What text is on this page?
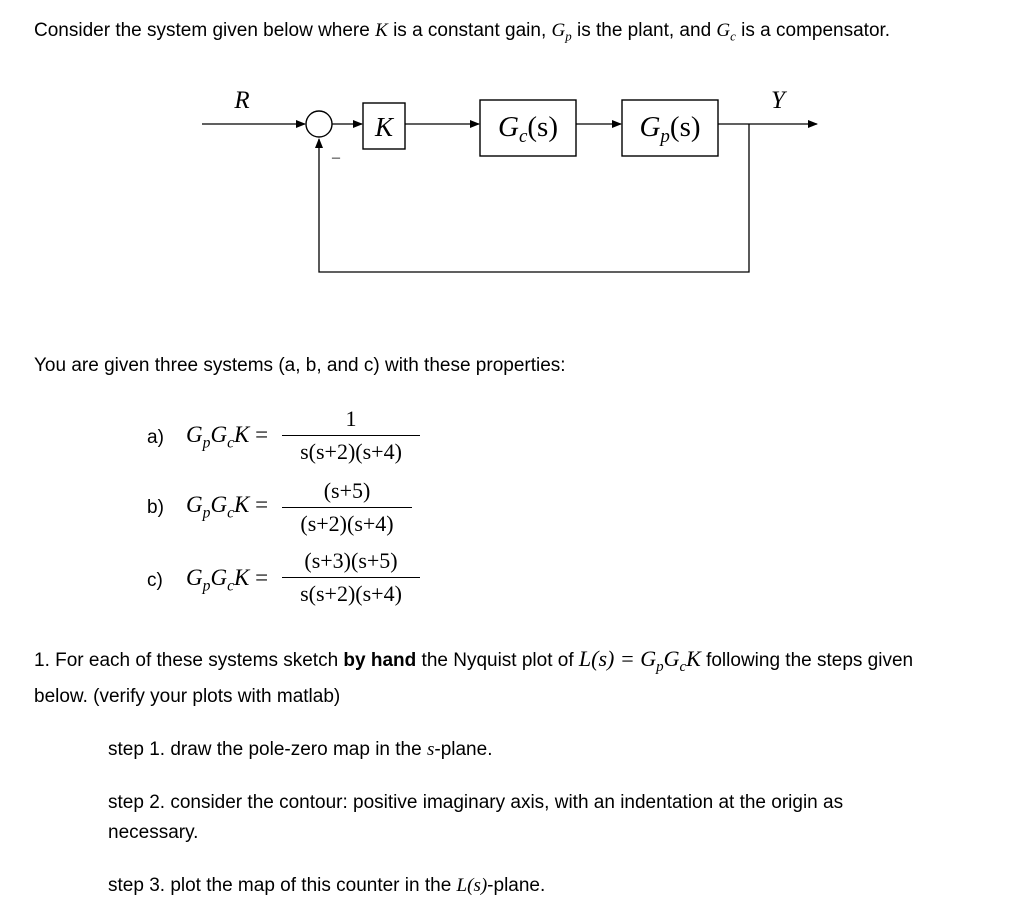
Consider the system given below where K is a constant gain, $G_p$ is the plant, and $G_c$ is a compensator.
K	$G_c(s)$	$G_p(s)$
R	Y
–
You are given three systems (a, b, and c) with these properties:
a) $G_pG_cK = \frac{1}{s(s+2)(s+4)}$
b) $G_pG_cK = \frac{(s+5)}{(s+2)(s+4)}$
c) $G_pG_cK = \frac{(s+3)(s+5)}{s(s+2)(s+4)}$
1. For each of these systems sketch by hand the Nyquist plot of $L(s) = G_pG_cK$ following the steps given
below. (verify your plots with matlab)
step 1. draw the pole-zero map in the s-plane.
step 2. consider the contour: positive imaginary axis, with an indentation at the origin as necessary.
step 3. plot the map of this counter in the L(s)-plane.
